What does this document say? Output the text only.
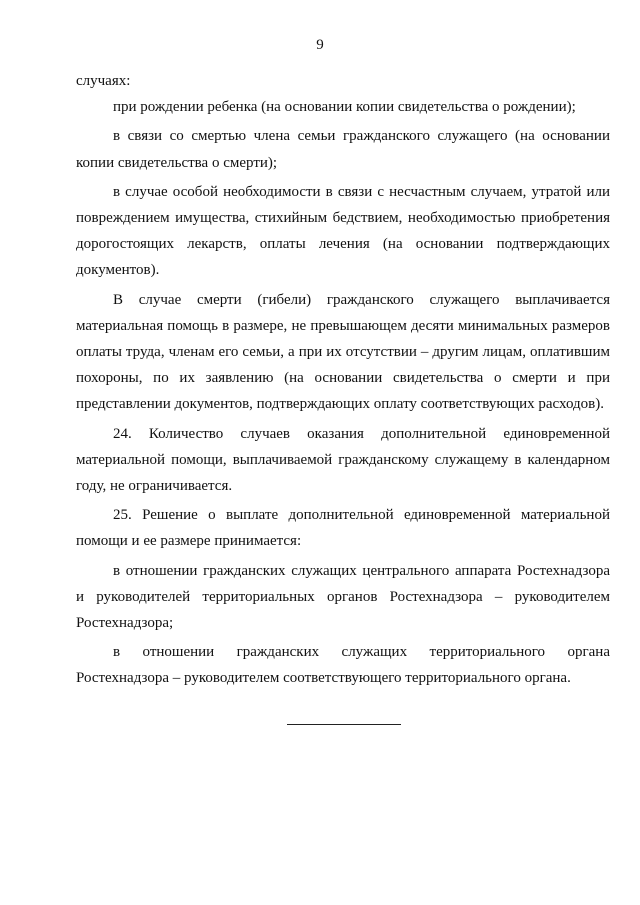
9

случаях:

при рождении ребенка (на основании копии свидетельства о рождении);

в связи со смертью члена семьи гражданского служащего (на основании копии свидетельства о смерти);

в случае особой необходимости в связи с несчастным случаем, утратой или повреждением имущества, стихийным бедствием, необходимостью приобретения дорогостоящих лекарств, оплаты лечения (на основании подтверждающих документов).

В случае смерти (гибели) гражданского служащего выплачивается материальная помощь в размере, не превышающем десяти минимальных размеров оплаты труда, членам его семьи, а при их отсутствии – другим лицам, оплатившим похороны, по их заявлению (на основании свидетельства о смерти и при представлении документов, подтверждающих оплату соответствующих расходов).

24. Количество случаев оказания дополнительной единовременной материальной помощи, выплачиваемой гражданскому служащему в календарном году, не ограничивается.

25. Решение о выплате дополнительной единовременной материальной помощи и ее размере принимается:

в отношении гражданских служащих центрального аппарата Ростехнадзора и руководителей территориальных органов Ростехнадзора – руководителем Ростехнадзора;

в отношении гражданских служащих территориального органа Ростехнадзора – руководителем соответствующего территориального органа.
